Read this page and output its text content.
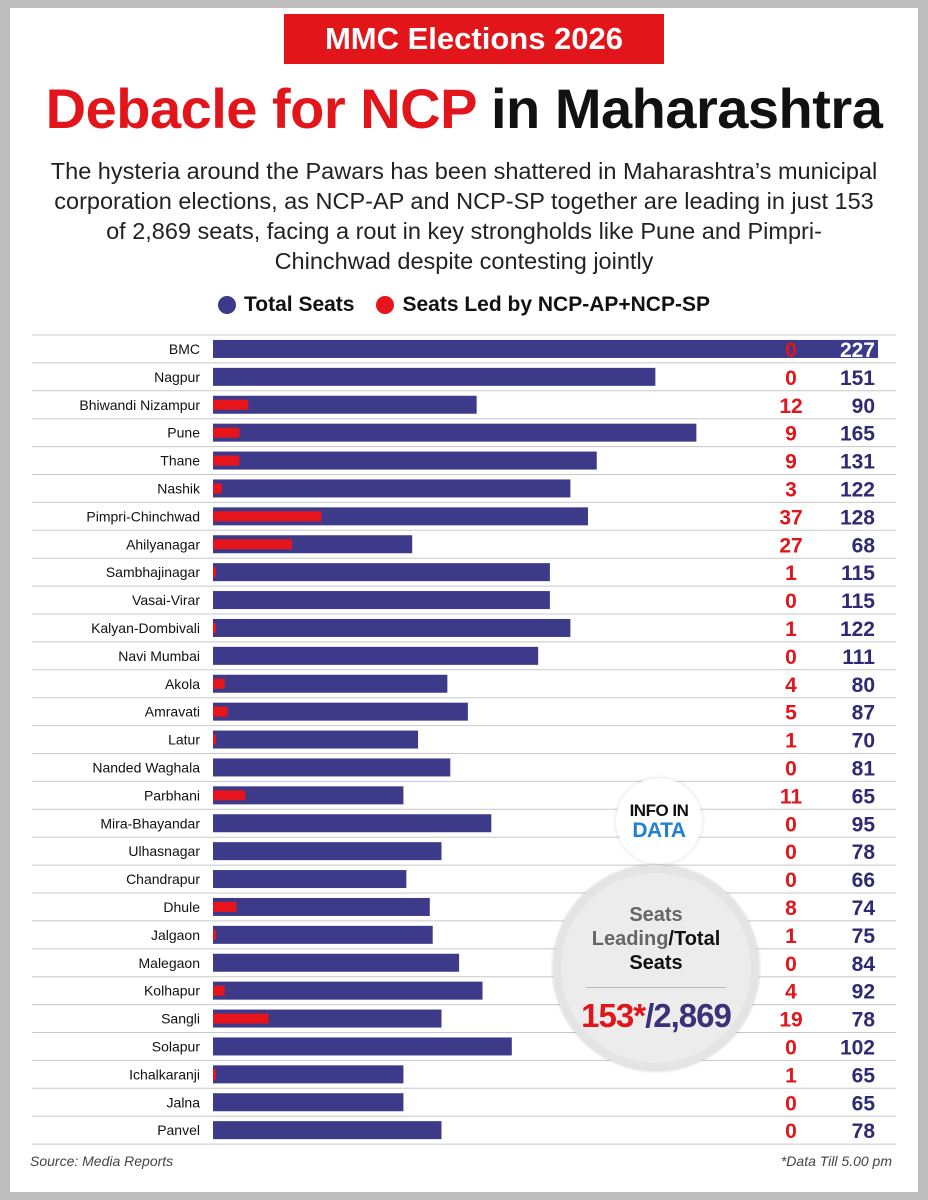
MMC Elections 2026
Debacle for NCP in Maharashtra
The hysteria around the Pawars has been shattered in Maharashtra’s municipal corporation elections, as NCP-AP and NCP-SP together are leading in just 153 of 2,869 seats, facing a rout in key strongholds like Pune and Pimpri-Chinchwad despite contesting jointly
Total Seats Seats Led by NCP-AP+NCP-SP
BMC	0 227
Nagpur	0 151
Bhiwandi Nizampur	12 90
Pune	9 165
Thane	9 131
Nashik	3 122
Pimpri-Chinchwad	37 128
Ahilyanagar	27 68
Sambhajinagar	1 115
Vasai-Virar	0 115
Kalyan-Dombivali	1 122
Navi Mumbai	0 111
Akola	4	80
Amravati	5	87
Latur	1	70
Nanded Waghala	0	81
Parbhani	11 65
Mira-Bhayandar	0	95
Ulhasnagar	0	78
Chandrapur	0	66
Dhule	8	74
Jalgaon	1	75
Malegaon	0	84
Kolhapur	4	92
Sangli	19 78
Solapur	0 102
Ichalkaranji	1	65
Jalna	0	65
Panvel	0	78
INFO IN
DATA
Seats
Leading/Total
Seats
153*/2,869
Source: Media Reports	*Data Till 5.00 pm
